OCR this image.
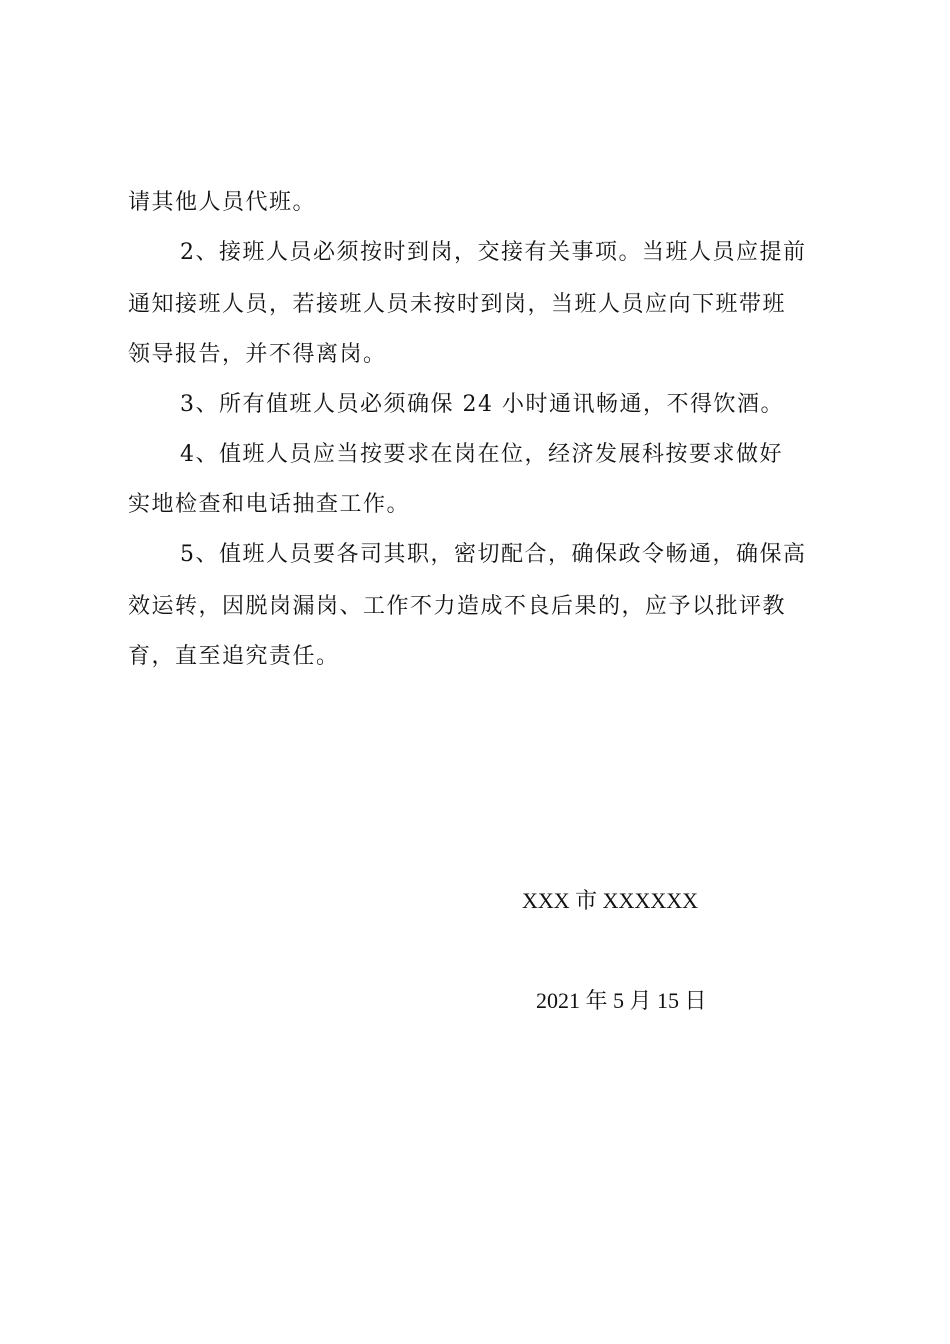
请其他人员代班。
2、接班人员必须按时到岗，交接有关事项。当班人员应提前
通知接班人员，若接班人员未按时到岗，当班人员应向下班带班
领导报告，并不得离岗。
3、所有值班人员必须确保 24 小时通讯畅通，不得饮酒。
4、值班人员应当按要求在岗在位，经济发展科按要求做好
实地检查和电话抽查工作。
5、值班人员要各司其职，密切配合，确保政令畅通，确保高
效运转，因脱岗漏岗、工作不力造成不良后果的，应予以批评教
育，直至追究责任。
XXX 市 XXXXXX
2021 年 5 月 15 日
